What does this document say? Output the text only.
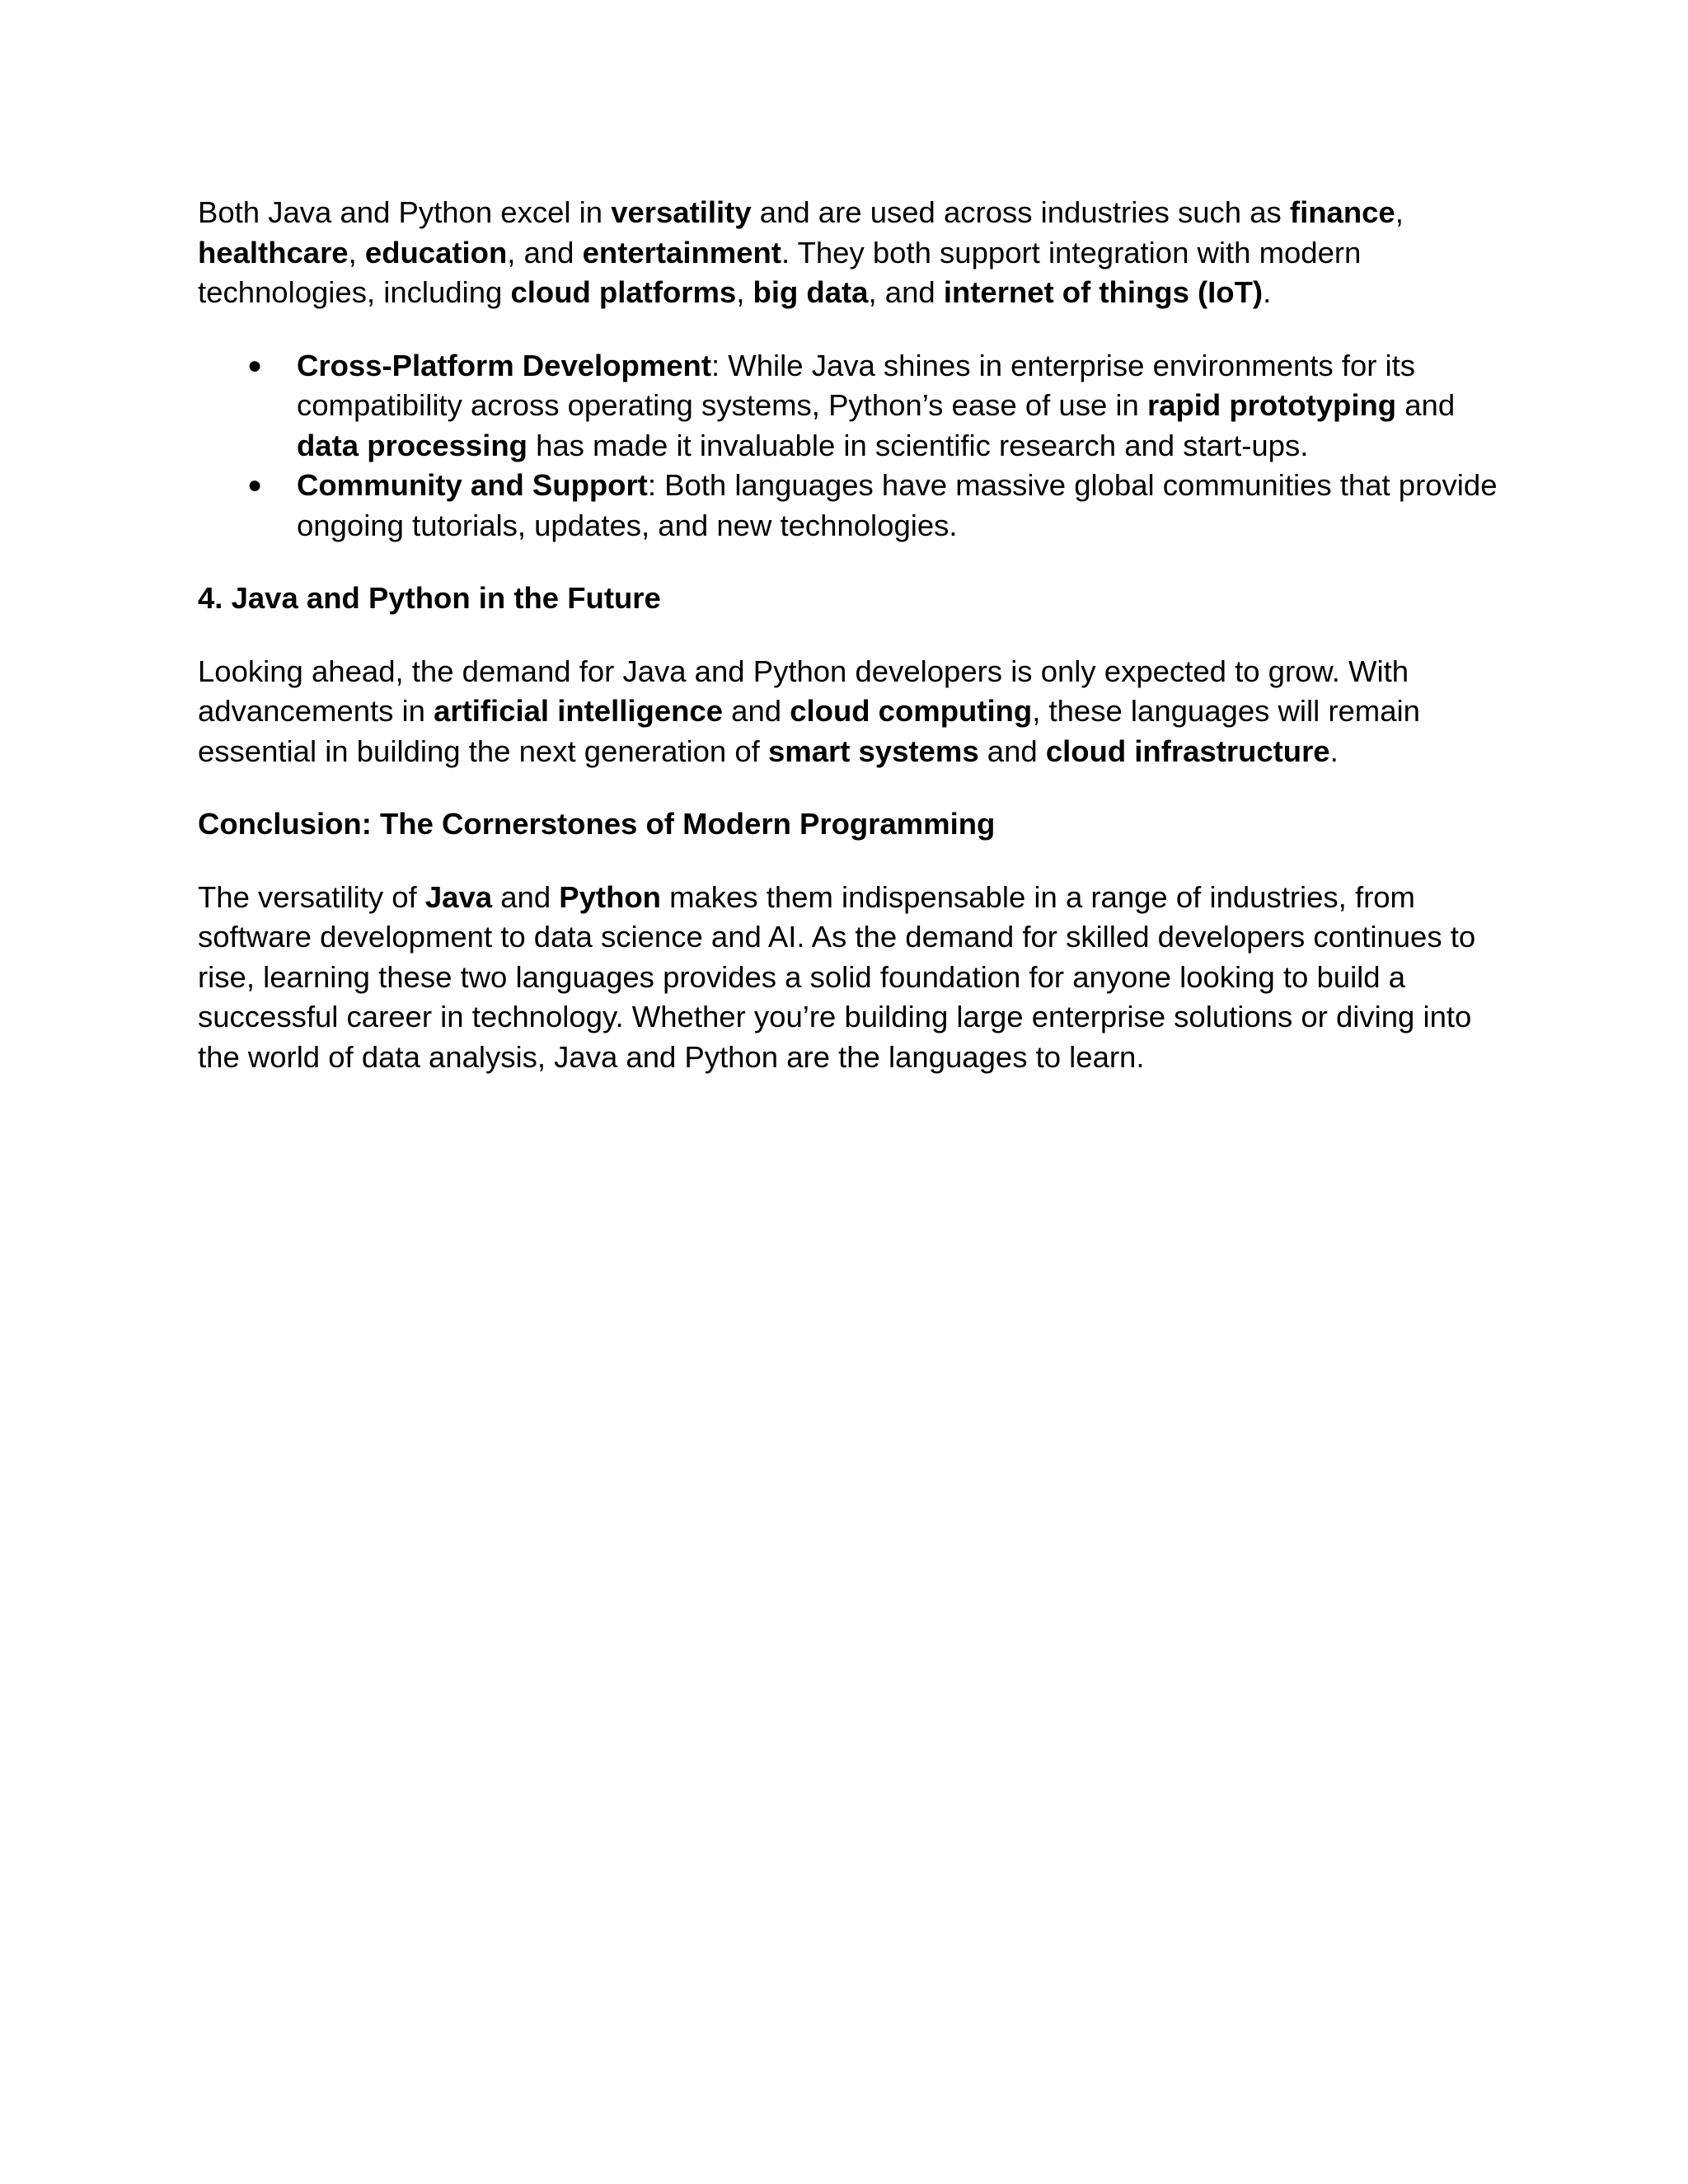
Both Java and Python excel in versatility and are used across industries such as finance, healthcare, education, and entertainment. They both support integration with modern technologies, including cloud platforms, big data, and internet of things (IoT).

● Cross-Platform Development: While Java shines in enterprise environments for its compatibility across operating systems, Python’s ease of use in rapid prototyping and data processing has made it invaluable in scientific research and start-ups.
● Community and Support: Both languages have massive global communities that provide ongoing tutorials, updates, and new technologies.

4. Java and Python in the Future

Looking ahead, the demand for Java and Python developers is only expected to grow. With advancements in artificial intelligence and cloud computing, these languages will remain essential in building the next generation of smart systems and cloud infrastructure.

Conclusion: The Cornerstones of Modern Programming

The versatility of Java and Python makes them indispensable in a range of industries, from software development to data science and AI. As the demand for skilled developers continues to rise, learning these two languages provides a solid foundation for anyone looking to build a successful career in technology. Whether you’re building large enterprise solutions or diving into the world of data analysis, Java and Python are the languages to learn.
